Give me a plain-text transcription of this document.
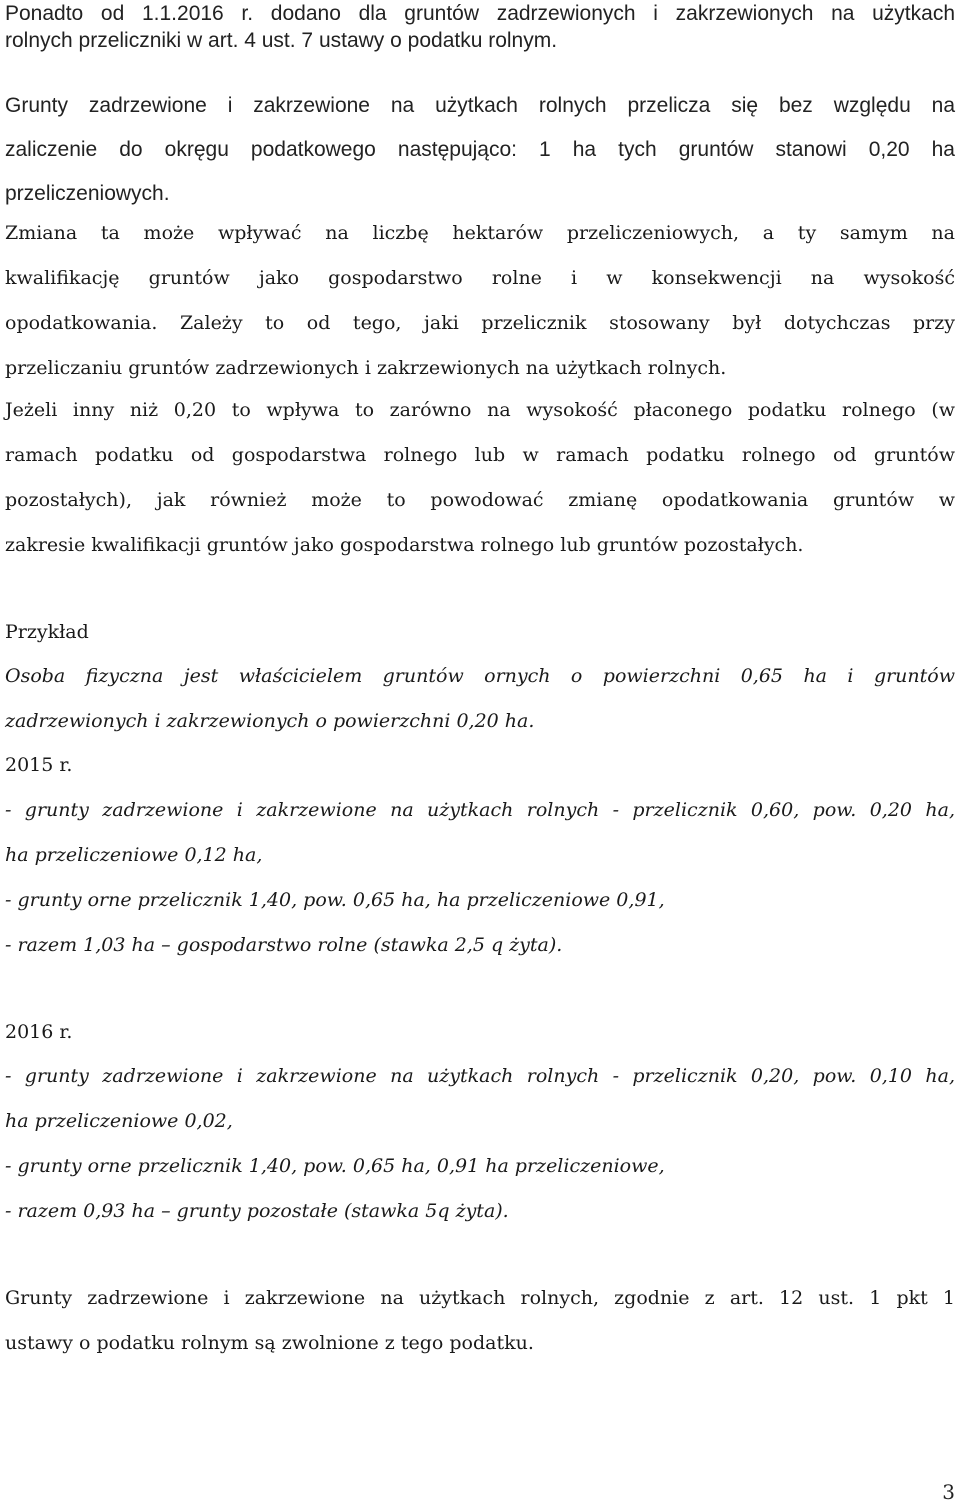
Ponadto od 1.1.2016 r. dodano dla gruntów zadrzewionych i zakrzewionych na użytkach

rolnych przeliczniki w art. 4 ust. 7 ustawy o podatku rolnym.

Grunty zadrzewione i zakrzewione na użytkach rolnych przelicza się bez względu na

zaliczenie do okręgu podatkowego następująco: 1 ha tych gruntów stanowi 0,20 ha

przeliczeniowych.

Zmiana ta może wpływać na liczbę hektarów przeliczeniowych, a ty samym na

kwalifikację gruntów jako gospodarstwo rolne i w konsekwencji na wysokość

opodatkowania. Zależy to od tego, jaki przelicznik stosowany był dotychczas przy

przeliczaniu gruntów zadrzewionych i zakrzewionych na użytkach rolnych.

Jeżeli inny niż 0,20 to wpływa to zarówno na wysokość płaconego podatku rolnego (w

ramach podatku od gospodarstwa rolnego lub w ramach podatku rolnego od gruntów

pozostałych), jak również może to powodować zmianę opodatkowania gruntów w

zakresie kwalifikacji gruntów jako gospodarstwa rolnego lub gruntów pozostałych.

Przykład

Osoba fizyczna jest właścicielem gruntów ornych o powierzchni 0,65 ha i gruntów

zadrzewionych i zakrzewionych o powierzchni 0,20 ha.

2015 r.

- grunty zadrzewione i zakrzewione na użytkach rolnych - przelicznik 0,60, pow. 0,20 ha,

ha przeliczeniowe 0,12 ha,

- grunty orne przelicznik 1,40, pow. 0,65 ha, ha przeliczeniowe 0,91,

- razem 1,03 ha – gospodarstwo rolne (stawka 2,5 q żyta).

2016 r.

- grunty zadrzewione i zakrzewione na użytkach rolnych - przelicznik 0,20, pow. 0,10 ha,

ha przeliczeniowe 0,02,

- grunty orne przelicznik 1,40, pow. 0,65 ha, 0,91 ha przeliczeniowe,

- razem 0,93 ha – grunty pozostałe (stawka 5q żyta).

Grunty zadrzewione i zakrzewione na użytkach rolnych, zgodnie z art. 12 ust. 1 pkt 1

ustawy o podatku rolnym są zwolnione z tego podatku.

3
